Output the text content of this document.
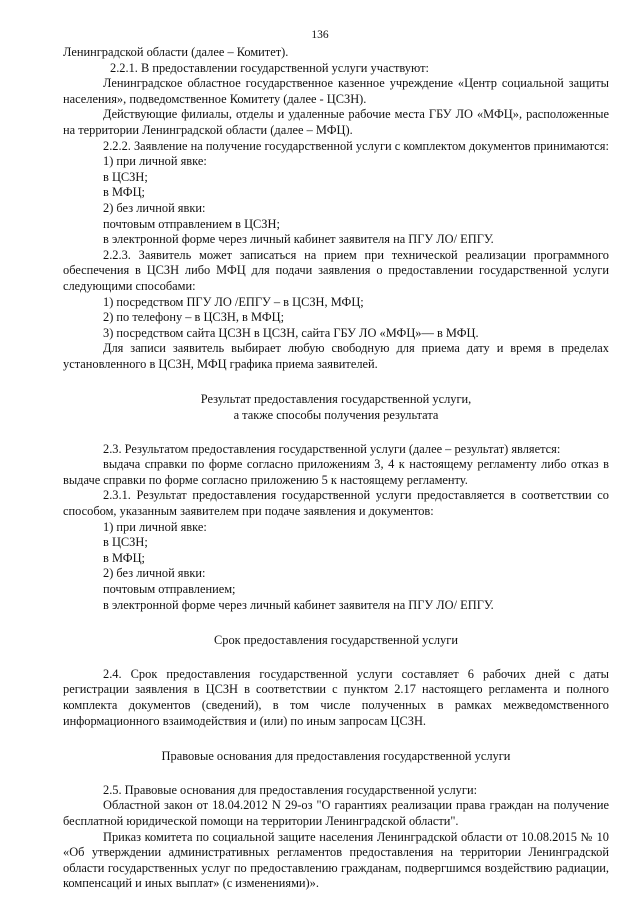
136

Ленинградской области (далее – Комитет).

2.2.1. В предоставлении государственной услуги участвуют:

Ленинградское областное государственное казенное учреждение «Центр социальной защиты населения», подведомственное Комитету (далее - ЦСЗН).

Действующие филиалы, отделы и удаленные рабочие места ГБУ ЛО «МФЦ», расположенные на территории Ленинградской области (далее – МФЦ).

2.2.2. Заявление на получение государственной услуги с комплектом документов принимаются:

1) при личной явке:

в ЦСЗН;

в МФЦ;

2) без личной явки:

почтовым отправлением в ЦСЗН;

в электронной форме через личный кабинет заявителя на ПГУ ЛО/ ЕПГУ.

2.2.3. Заявитель может записаться на прием при технической реализации программного обеспечения в ЦСЗН либо МФЦ для подачи заявления о предоставлении государственной услуги следующими способами:

1) посредством ПГУ ЛО /ЕПГУ – в ЦСЗН, МФЦ;

2) по телефону – в ЦСЗН, в МФЦ;

3) посредством сайта ЦСЗН в ЦСЗН, сайта ГБУ ЛО «МФЦ»— в МФЦ.

Для записи заявитель выбирает любую свободную для приема дату и время в пределах установленного в ЦСЗН, МФЦ графика приема заявителей.

Результат предоставления государственной услуги,

а также способы получения результата

2.3. Результатом предоставления государственной услуги (далее – результат) является:

выдача справки по форме согласно приложениям 3, 4 к настоящему регламенту либо отказ в выдаче справки по форме согласно приложению 5 к настоящему регламенту.

2.3.1. Результат предоставления государственной услуги предоставляется в соответствии со способом, указанным заявителем при подаче заявления и документов:

1) при личной явке:

в ЦСЗН;

в МФЦ;

2) без личной явки:

почтовым отправлением;

в электронной форме через личный кабинет заявителя на ПГУ ЛО/ ЕПГУ.

Срок предоставления государственной услуги

2.4. Срок предоставления государственной услуги составляет 6 рабочих дней с даты регистрации заявления в ЦСЗН в соответствии с пунктом 2.17 настоящего регламента и полного комплекта документов (сведений), в том числе полученных в рамках межведомственного информационного взаимодействия и (или) по иным запросам ЦСЗН.

Правовые основания для предоставления государственной услуги

2.5. Правовые основания для предоставления государственной услуги:

Областной закон от 18.04.2012 N 29-оз "О гарантиях реализации права граждан на получение бесплатной юридической помощи на территории Ленинградской области".

Приказ комитета по социальной защите населения Ленинградской области от 10.08.2015 № 10 «Об утверждении административных регламентов предоставления на территории Ленинградской области государственных услуг по предоставлению гражданам, подвергшимся воздействию радиации, компенсаций и иных выплат» (с изменениями)».
